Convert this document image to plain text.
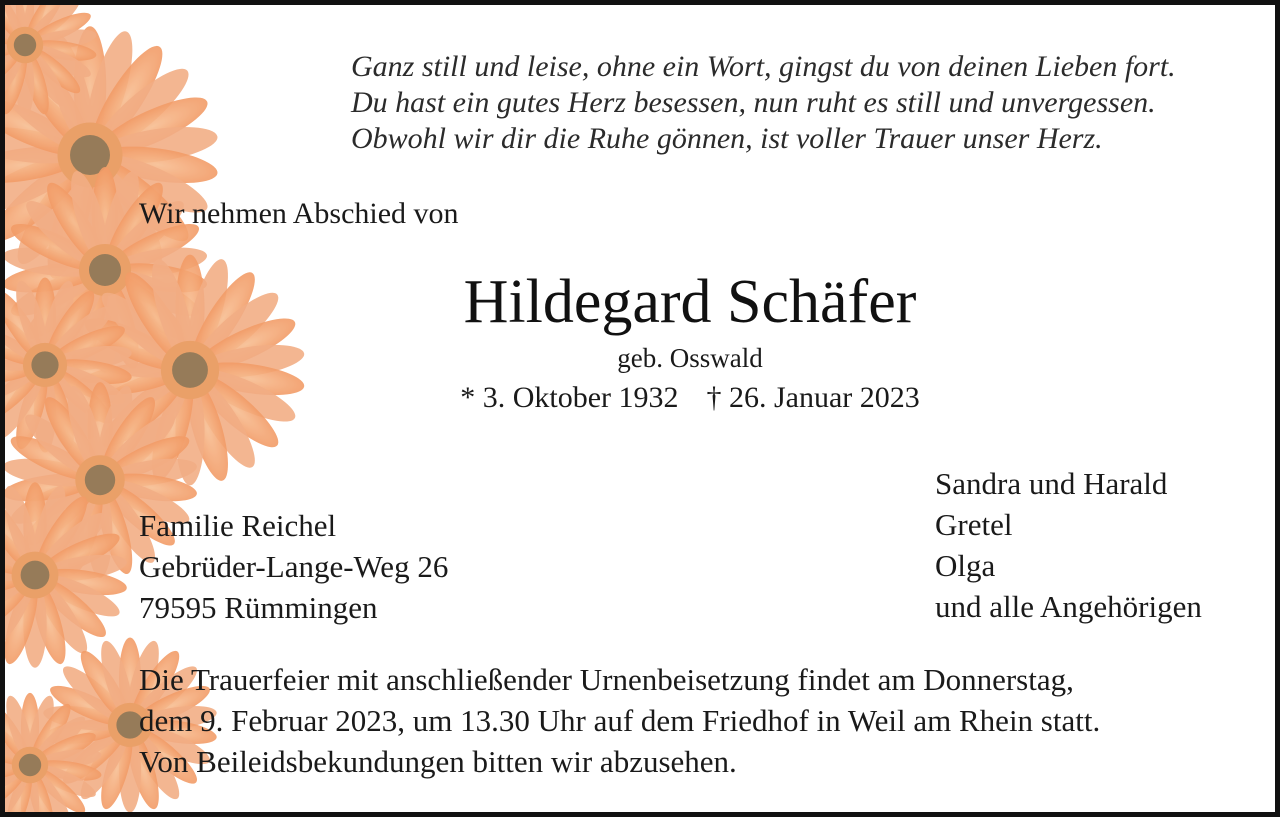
Ganz still und leise, ohne ein Wort, gingst du von deinen Lieben fort.
Du hast ein gutes Herz besessen, nun ruht es still und unvergessen.
Obwohl wir dir die Ruhe gönnen, ist voller Trauer unser Herz.
Wir nehmen Abschied von
Hildegard Schäfer
geb. Osswald
* 3. Oktober 1932 † 26. Januar 2023
Familie Reichel
Gebrüder-Lange-Weg 26
79595 Rümmingen
Sandra und Harald
Gretel
Olga
und alle Angehörigen
Die Trauerfeier mit anschließender Urnenbeisetzung findet am Donnerstag,
dem 9. Februar 2023, um 13.30 Uhr auf dem Friedhof in Weil am Rhein statt.
Von Beileidsbekundungen bitten wir abzusehen.
